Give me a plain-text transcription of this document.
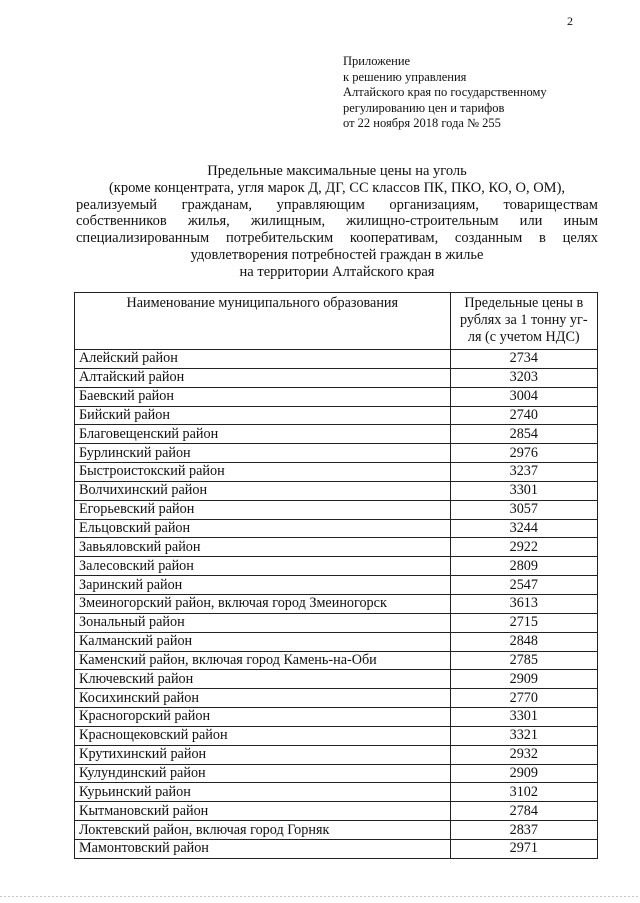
2
Приложение
к решению управления
Алтайского края по государственному
регулированию цен и тарифов
от 22 ноября 2018 года № 255
Предельные максимальные цены на уголь
(кроме концентрата, угля марок Д, ДГ, СС классов ПК, ПКО, КО, О, ОМ),
реализуемый гражданам, управляющим организациям, товариществам
собственников жилья, жилищным, жилищно-строительным или иным
специализированным потребительским кооперативам, созданным в целях
удовлетворения потребностей граждан в жилье
на территории Алтайского края
Наименование муниципального образования	Предельные цены в
рублях за 1 тонну уг-
ля (с учетом НДС)

Алейский район	2734
Алтайский район	3203
Баевский район	3004
Бийский район	2740
Благовещенский район	2854
Бурлинский район	2976
Быстроистокский район	3237
Волчихинский район	3301
Егорьевский район	3057
Ельцовский район	3244
Завьяловский район	2922
Залесовский район	2809
Заринский район	2547
Змеиногорский район, включая город Змеиногорск	3613
Зональный район	2715
Калманский район	2848
Каменский район, включая город Камень-на-Оби	2785
Ключевский район	2909
Косихинский район	2770
Красногорский район	3301
Краснощековский район	3321
Крутихинский район	2932
Кулундинский район	2909
Курьинский район	3102
Кытмановский район	2784
Локтевский район, включая город Горняк	2837
Мамонтовский район	2971
